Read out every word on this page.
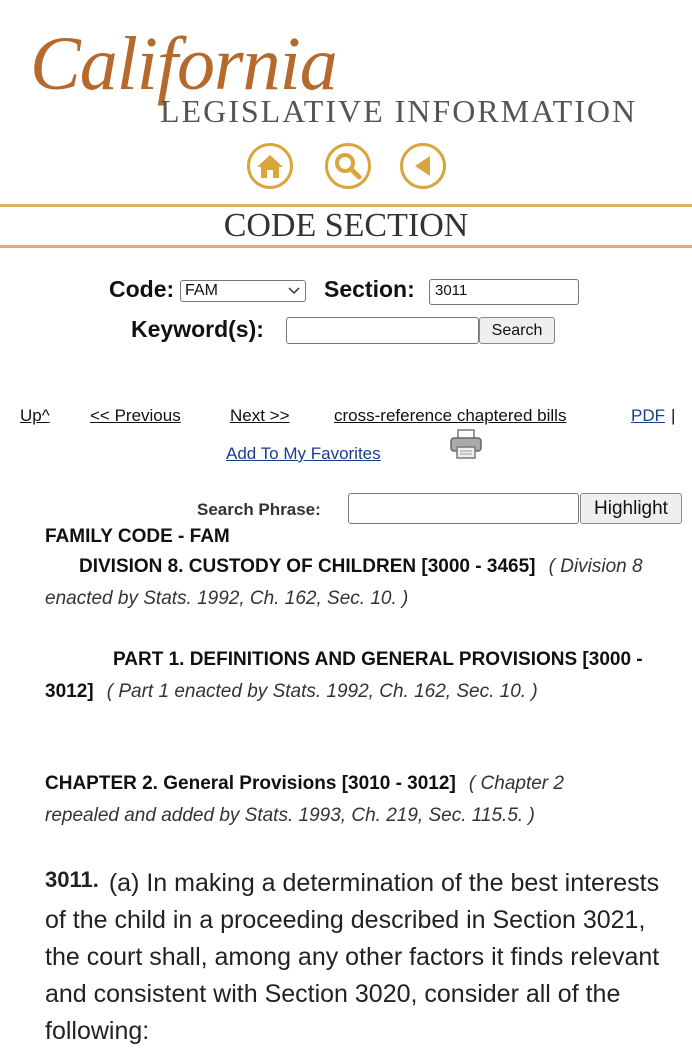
California
LEGISLATIVE INFORMATION
CODE SECTION
Code: FAM	Section:	3011
Keyword(s):	Search
Up^ << Previous	Next >>	cross-reference chaptered bills	PDF |
Add To My Favorites
Search Phrase:	Highlight
FAMILY CODE - FAM
DIVISION 8. CUSTODY OF CHILDREN [3000 - 3465] ( Division 8 enacted by Stats. 1992, Ch. 162, Sec. 10. )
PART 1. DEFINITIONS AND GENERAL PROVISIONS [3000 - 3012] ( Part 1 enacted by Stats. 1992, Ch. 162, Sec. 10. )
CHAPTER 2. General Provisions [3010 - 3012] ( Chapter 2 repealed and added by Stats. 1993, Ch. 219, Sec. 115.5. )
3011. (a) In making a determination of the best interests of the child in a proceeding described in Section 3021, the court shall, among any other factors it finds relevant and consistent with Section 3020, consider all of the following:
